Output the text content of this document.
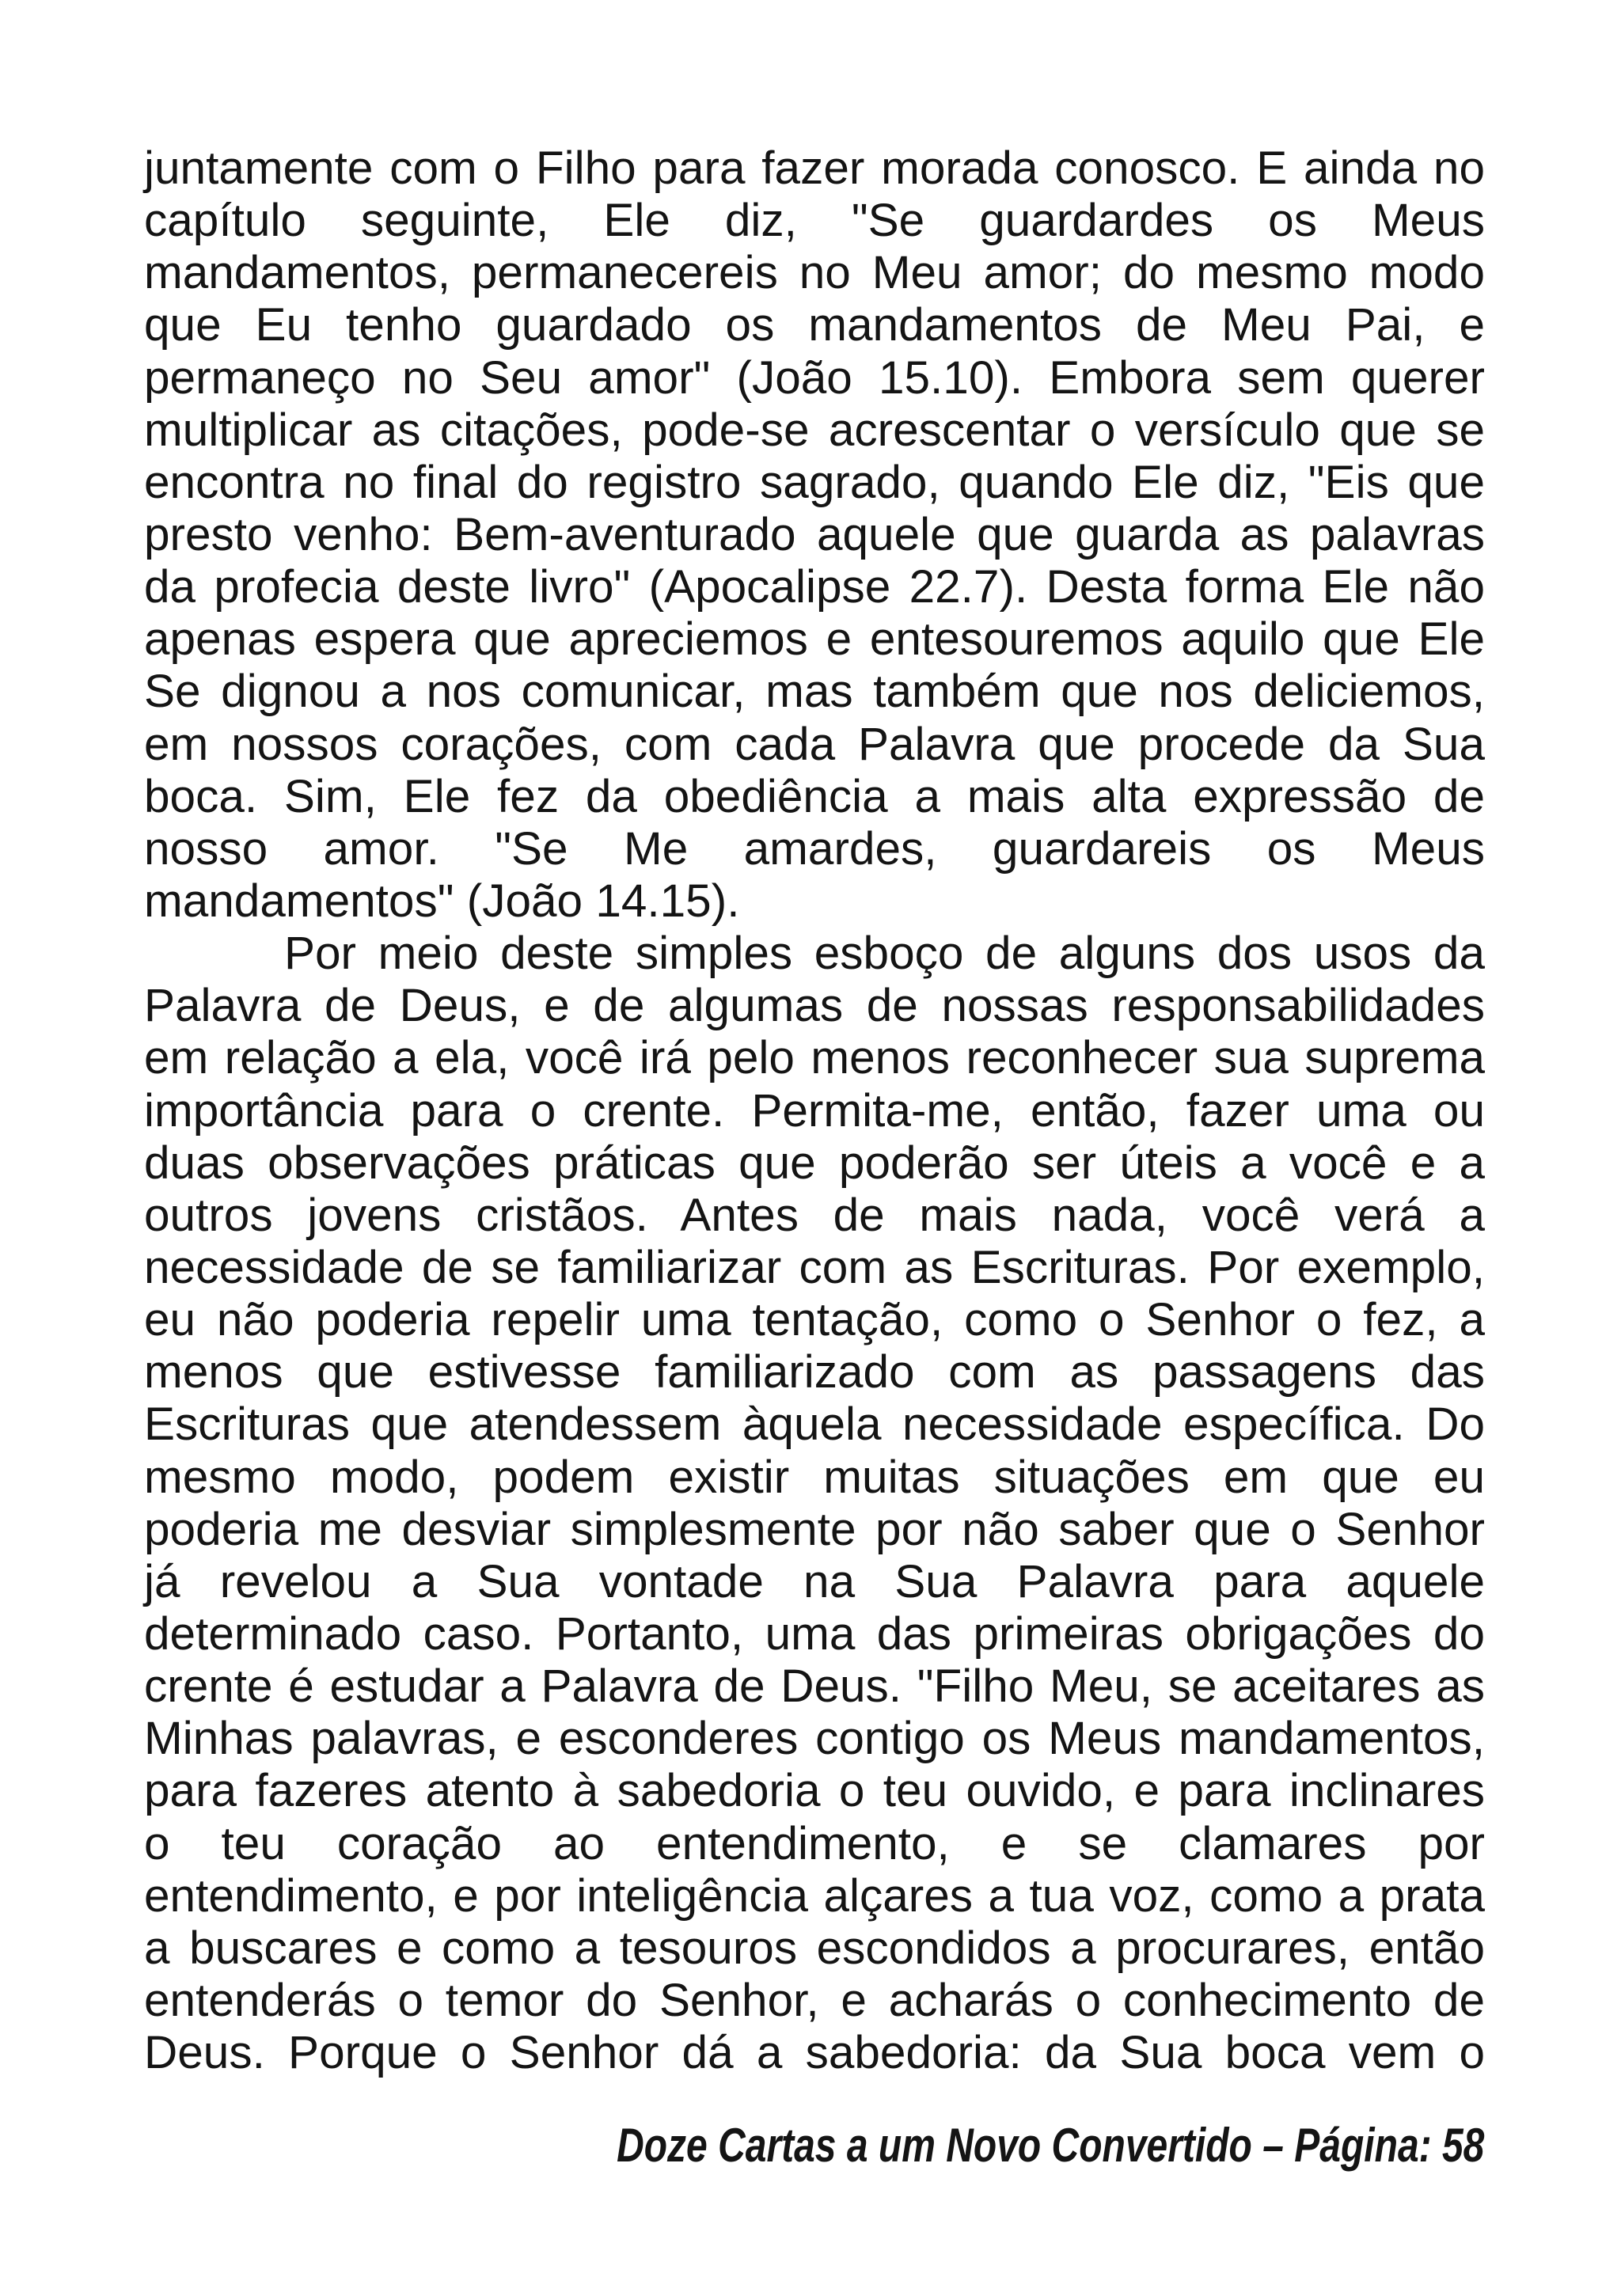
juntamente com o Filho para fazer morada conosco. E ainda no
capítulo seguinte, Ele diz, "Se guardardes os Meus
mandamentos, permanecereis no Meu amor; do mesmo modo
que Eu tenho guardado os mandamentos de Meu Pai, e
permaneço no Seu amor" (João 15.10). Embora sem querer
multiplicar as citações, pode-se acrescentar o versículo que se
encontra no final do registro sagrado, quando Ele diz, "Eis que
presto venho: Bem-aventurado aquele que guarda as palavras
da profecia deste livro" (Apocalipse 22.7). Desta forma Ele não
apenas espera que apreciemos e entesouremos aquilo que Ele
Se dignou a nos comunicar, mas também que nos deliciemos,
em nossos corações, com cada Palavra que procede da Sua
boca. Sim, Ele fez da obediência a mais alta expressão de
nosso amor. "Se Me amardes, guardareis os Meus
mandamentos" (João 14.15).
Por meio deste simples esboço de alguns dos usos da
Palavra de Deus, e de algumas de nossas responsabilidades
em relação a ela, você irá pelo menos reconhecer sua suprema
importância para o crente. Permita-me, então, fazer uma ou
duas observações práticas que poderão ser úteis a você e a
outros jovens cristãos. Antes de mais nada, você verá a
necessidade de se familiarizar com as Escrituras. Por exemplo,
eu não poderia repelir uma tentação, como o Senhor o fez, a
menos que estivesse familiarizado com as passagens das
Escrituras que atendessem àquela necessidade específica. Do
mesmo modo, podem existir muitas situações em que eu
poderia me desviar simplesmente por não saber que o Senhor
já revelou a Sua vontade na Sua Palavra para aquele
determinado caso. Portanto, uma das primeiras obrigações do
crente é estudar a Palavra de Deus. "Filho Meu, se aceitares as
Minhas palavras, e esconderes contigo os Meus mandamentos,
para fazeres atento à sabedoria o teu ouvido, e para inclinares
o teu coração ao entendimento, e se clamares por
entendimento, e por inteligência alçares a tua voz, como a prata
a buscares e como a tesouros escondidos a procurares, então
entenderás o temor do Senhor, e acharás o conhecimento de
Deus. Porque o Senhor dá a sabedoria: da Sua boca vem o
Doze Cartas a um Novo Convertido – Página: 58
